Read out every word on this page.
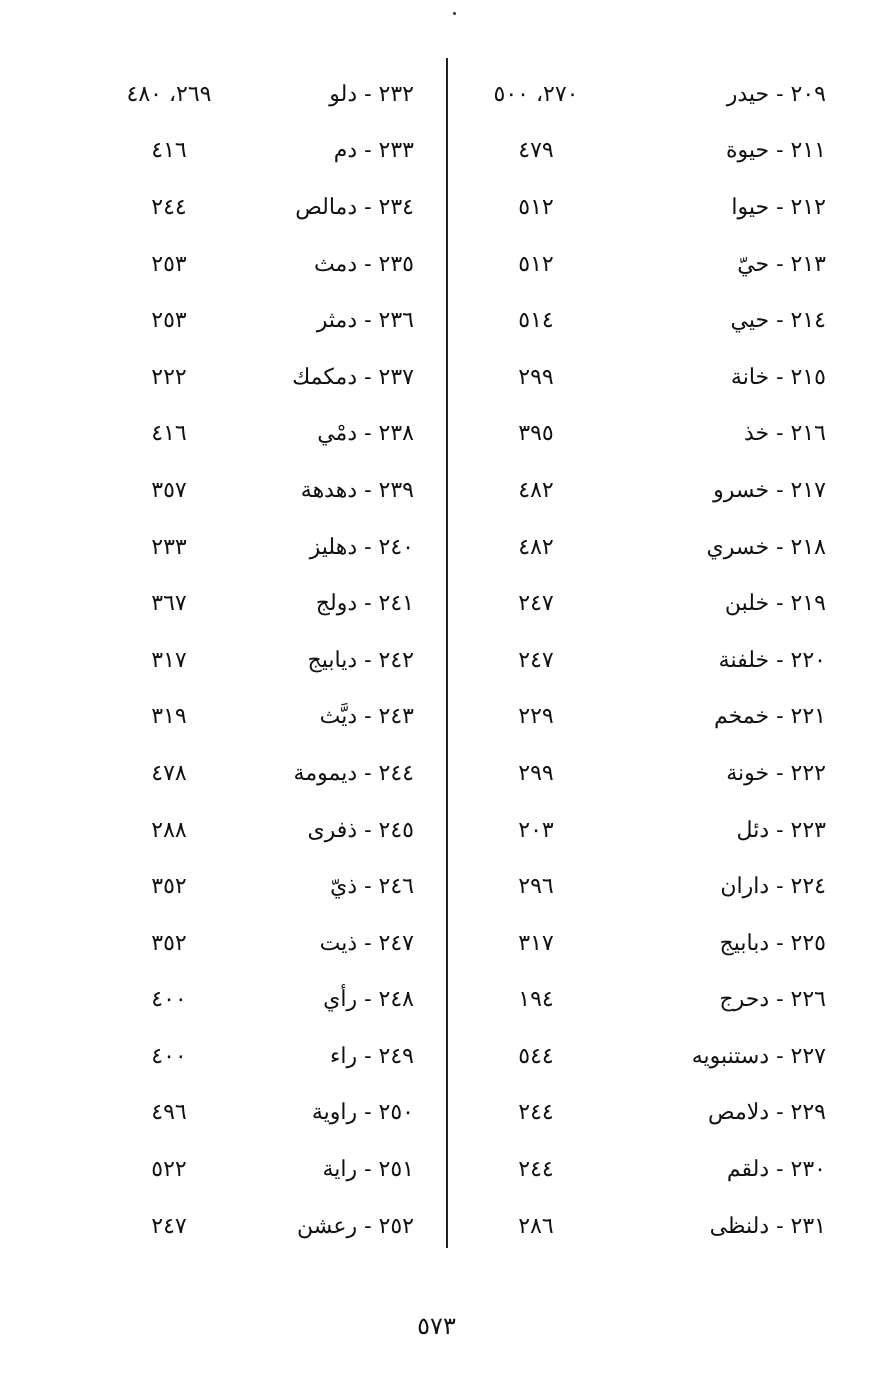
٢٠٩ - حيدر
٢٧٠، ٥٠٠
٢١١ - حيوة
٤٧٩
٢١٢ - حيوا
٥١٢
٢١٣ - حيّ
٥١٢
٢١٤ - حيي
٥١٤
٢١٥ - خانة
٢٩٩
٢١٦ - خذ
٣٩٥
٢١٧ - خسرو
٤٨٢
٢١٨ - خسري
٤٨٢
٢١٩ - خلبن
٢٤٧
٢٢٠ - خلفنة
٢٤٧
٢٢١ - خمخم
٢٢٩
٢٢٢ - خونة
٢٩٩
٢٢٣ - دئل
٢٠٣
٢٢٤ - داران
٢٩٦
٢٢٥ - دبابيج
٣١٧
٢٢٦ - دحرج
١٩٤
٢٢٧ - دستنبويه
٥٤٤
٢٢٩ - دلامص
٢٤٤
٢٣٠ - دلقم
٢٤٤
٢٣١ - دلنظى
٢٨٦
٢٣٢ - دلو
٢٦٩، ٤٨٠
٢٣٣ - دم
٤١٦
٢٣٤ - دمالص
٢٤٤
٢٣٥ - دمث
٢٥٣
٢٣٦ - دمثر
٢٥٣
٢٣٧ - دمكمك
٢٢٢
٢٣٨ - دمْي
٤١٦
٢٣٩ - دهدهة
٣٥٧
٢٤٠ - دهليز
٢٣٣
٢٤١ - دولج
٣٦٧
٢٤٢ - ديابيج
٣١٧
٢٤٣ - ديَّث
٣١٩
٢٤٤ - ديمومة
٤٧٨
٢٤٥ - ذفرى
٢٨٨
٢٤٦ - ذيّ
٣٥٢
٢٤٧ - ذيت
٣٥٢
٢٤٨ - رأي
٤٠٠
٢٤٩ - راء
٤٠٠
٢٥٠ - راوية
٤٩٦
٢٥١ - راية
٥٢٢
٢٥٢ - رعشن
٢٤٧
٥٧٣
